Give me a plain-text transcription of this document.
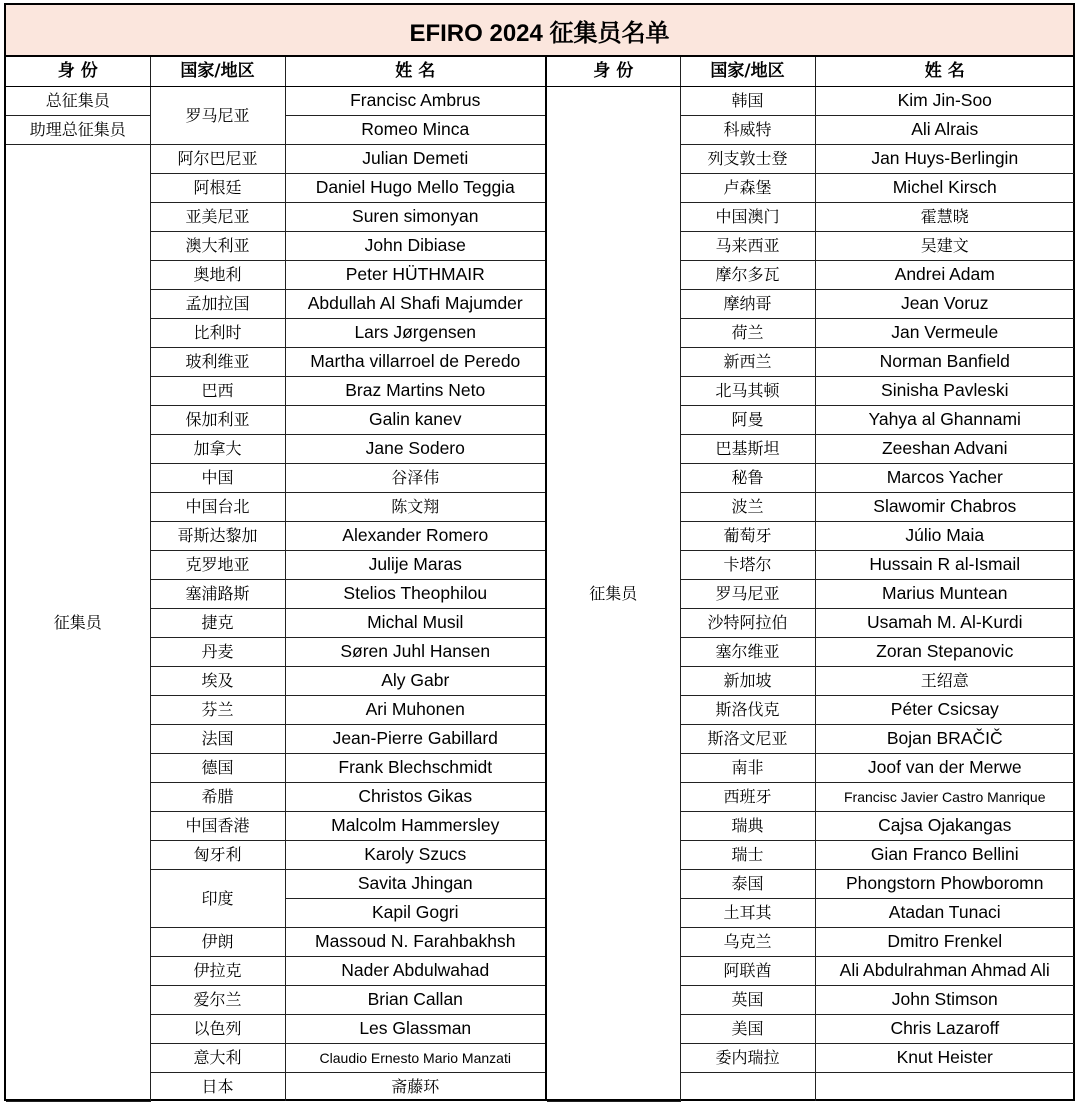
EFIRO 2024 征集员名单
身 份	国家/地区	姓 名
总征集员	罗马尼亚	Francisc Ambrus
助理总征集员		Romeo Minca
征集员	阿尔巴尼亚	Julian Demeti
	阿根廷	Daniel Hugo Mello Teggia
	亚美尼亚	Suren simonyan
	澳大利亚	John Dibiase
	奥地利	Peter HÜTHMAIR
	孟加拉国	Abdullah Al Shafi Majumder
	比利时	Lars Jørgensen
	玻利维亚	Martha villarroel de Peredo
	巴西	Braz Martins Neto
	保加利亚	Galin kanev
	加拿大	Jane Sodero
	中国	谷泽伟
	中国台北	陈文翔
	哥斯达黎加	Alexander Romero
	克罗地亚	Julije Maras
	塞浦路斯	Stelios Theophilou
	捷克	Michal Musil
	丹麦	Søren Juhl Hansen
	埃及	Aly Gabr
	芬兰	Ari Muhonen
	法国	Jean-Pierre Gabillard
	德国	Frank Blechschmidt
	希腊	Christos Gikas
	中国香港	Malcolm Hammersley
	匈牙利	Karoly Szucs
	印度	Savita Jhingan
		Kapil Gogri
	伊朗	Massoud N. Farahbakhsh
	伊拉克	Nader Abdulwahad
	爱尔兰	Brian Callan
	以色列	Les Glassman
	意大利	Claudio Ernesto Mario Manzati
	日本	斋藤环
身 份	国家/地区	姓 名
征集员	韩国	Kim Jin-Soo
	科威特	Ali Alrais
	列支敦士登	Jan Huys-Berlingin
	卢森堡	Michel Kirsch
	中国澳门	霍慧晓
	马来西亚	吴建文
	摩尔多瓦	Andrei Adam
	摩纳哥	Jean Voruz
	荷兰	Jan Vermeule
	新西兰	Norman Banfield
	北马其顿	Sinisha Pavleski
	阿曼	Yahya al Ghannami
	巴基斯坦	Zeeshan Advani
	秘鲁	Marcos Yacher
	波兰	Slawomir Chabros
	葡萄牙	Júlio Maia
	卡塔尔	Hussain R al-Ismail
	罗马尼亚	Marius Muntean
	沙特阿拉伯	Usamah M. Al-Kurdi
	塞尔维亚	Zoran Stepanovic
	新加坡	王绍意
	斯洛伐克	Péter Csicsay
	斯洛文尼亚	Bojan BRAČIČ
	南非	Joof van der Merwe
	西班牙	Francisc Javier Castro Manrique
	瑞典	Cajsa Ojakangas
	瑞士	Gian Franco Bellini
	泰国	Phongstorn Phowboromn
	土耳其	Atadan Tunaci
	乌克兰	Dmitro Frenkel
	阿联酋	Ali Abdulrahman Ahmad Ali
	英国	John Stimson
	美国	Chris Lazaroff
	委内瑞拉	Knut Heister
